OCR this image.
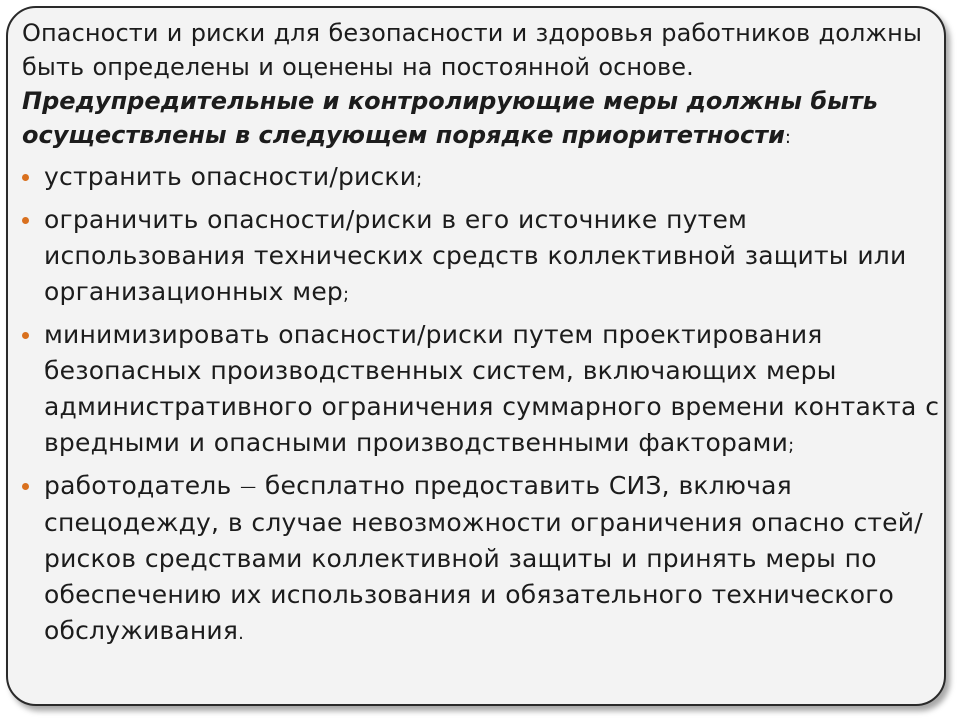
Опасности и риски для безопасности и здоровья работников должны быть определены и оценены на постоянной основе.

Предупредительные и контролирующие меры должны быть осуществлены в следующем порядке приоритетности:

устранить опасности/риски;
ограничить опасности/риски в его источнике путем использования технических средств коллективной защиты или организационных мер;
минимизировать опасности/риски путем проектирования безопасных производственных систем, включающих меры административного ограничения суммарного времени контакта с вредными и опасными производственными факторами;
работодатель — бесплатно предоставить СИЗ, включая спецодежду, в случае невозможности ограничения опасно стей/рисков средствами коллективной защиты и принять меры по обеспечению их использования и обязательного технического обслуживания.
